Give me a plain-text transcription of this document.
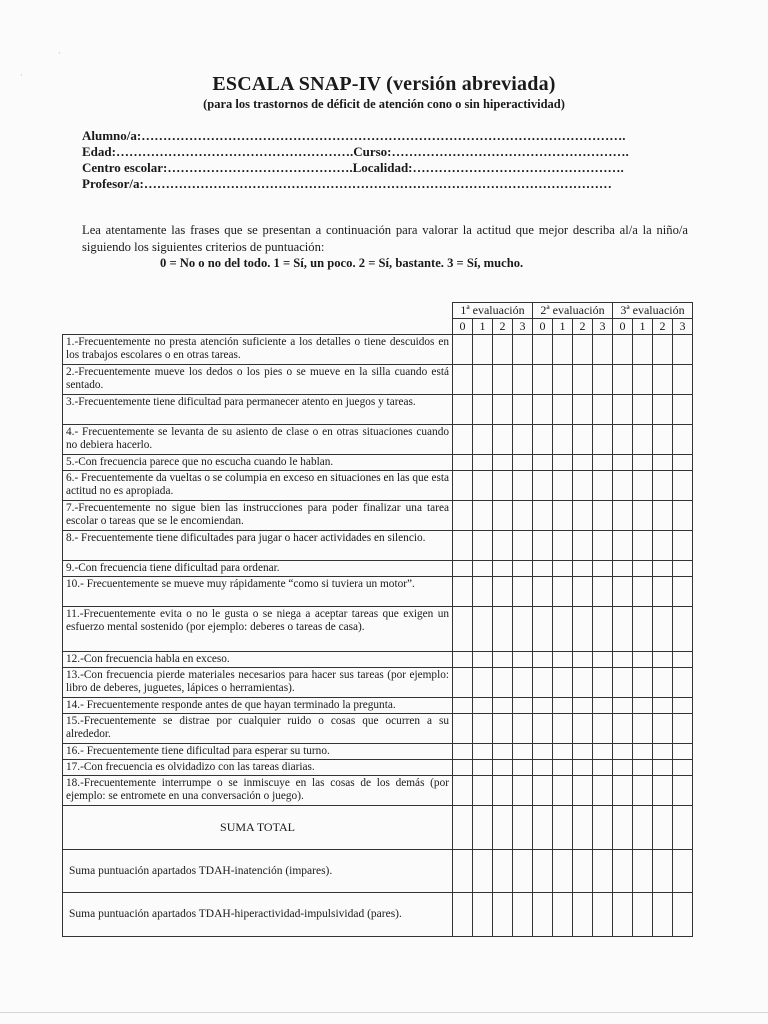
·
·	ESCALA SNAP-IV (versión abreviada)
(para los trastornos de déficit de atención cono o sin hiperactividad)
Alumno/a:………………………………………………………………………………………………….
Edad:……………………………………………….Curso:……………………………………………….
Centro escolar:…………………………………….Localidad:………………………………………….
Profesor/a:………………………………………………………………………………………………
Lea atentamente las frases que se presentan a continuación para valorar la actitud que mejor describa al/a la niño/a siguiendo los siguientes criterios de puntuación:
0 = No o no del todo. 1 = Sí, un poco. 2 = Sí, bastante. 3 = Sí, mucho.
	1ª evaluación				2ª evaluación				3ª evaluación			
	0	1	2	3	0	1	2	3	0	1	2	3
1.-Frecuentemente no presta atención suficiente a los detalles o tiene descuidos en los trabajos escolares o en otras tareas.												
2.-Frecuentemente mueve los dedos o los pies o se mueve en la silla cuando está sentado.												
3.-Frecuentemente tiene dificultad para permanecer atento en juegos y tareas.												
4.- Frecuentemente se levanta de su asiento de clase o en otras situaciones cuando no debiera hacerlo.												
5.-Con frecuencia parece que no escucha cuando le hablan.												
6.- Frecuentemente da vueltas o se columpia en exceso en situaciones en las que esta actitud no es apropiada.												
7.-Frecuentemente no sigue bien las instrucciones para poder finalizar una tarea escolar o tareas que se le encomiendan.												
8.- Frecuentemente tiene dificultades para jugar o hacer actividades en silencio.												
9.-Con frecuencia tiene dificultad para ordenar.												
10.- Frecuentemente se mueve muy rápidamente “como si tuviera un motor”.												
11.-Frecuentemente evita o no le gusta o se niega a aceptar tareas que exigen un esfuerzo mental sostenido (por ejemplo: deberes o tareas de casa).												
12.-Con frecuencia habla en exceso.												
13.-Con frecuencia pierde materiales necesarios para hacer sus tareas (por ejemplo: libro de deberes, juguetes, lápices o herramientas).												
14.- Frecuentemente responde antes de que hayan terminado la pregunta.												
15.-Frecuentemente se distrae por cualquier ruido o cosas que ocurren a su alrededor.												
16.- Frecuentemente tiene dificultad para esperar su turno.												
17.-Con frecuencia es olvidadizo con las tareas diarias.												
18.-Frecuentemente interrumpe o se inmiscuye en las cosas de los demás (por ejemplo: se entromete en una conversación o juego).												
SUMA TOTAL												
Suma puntuación apartados TDAH-inatención (impares).												
Suma puntuación apartados TDAH-hiperactividad-impulsividad (pares).												
